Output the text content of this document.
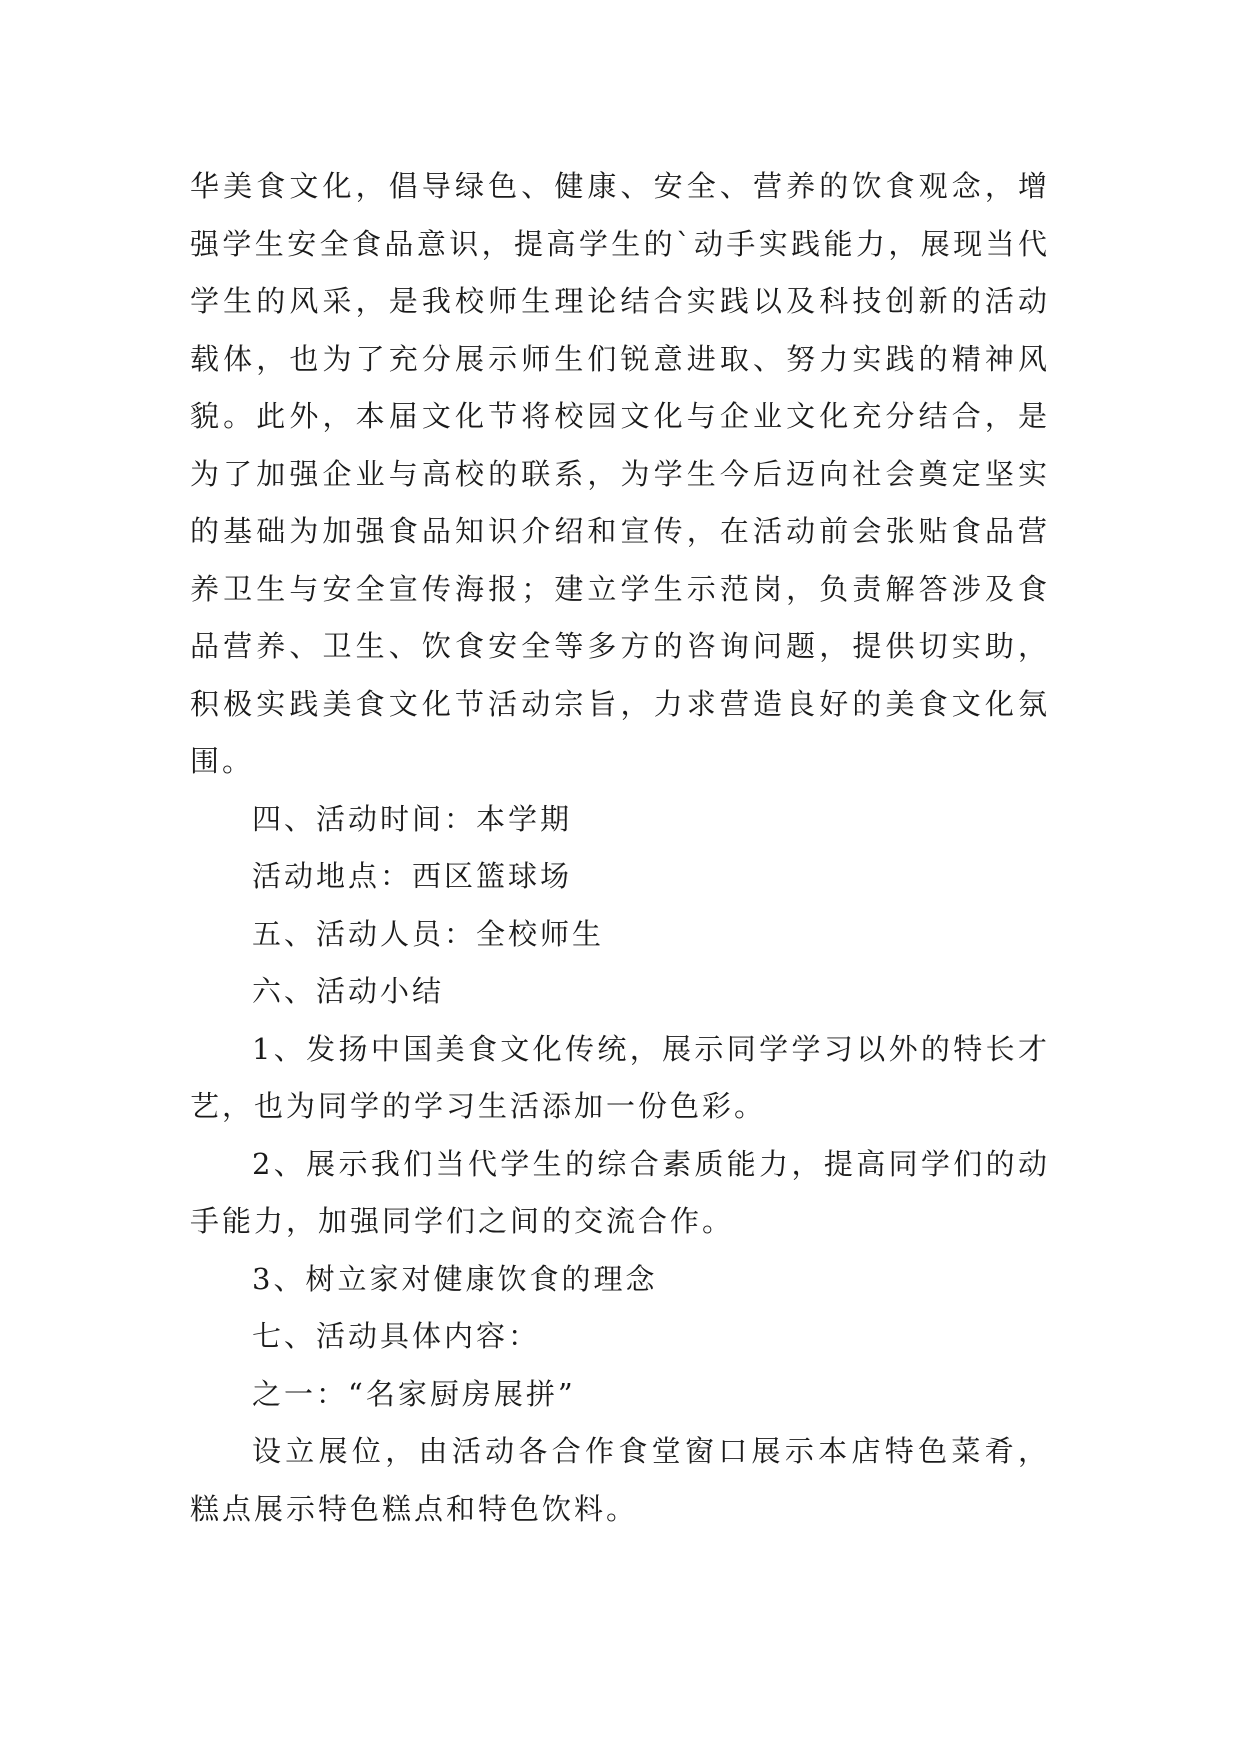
华美食文化，倡导绿色、健康、安全、营养的饮食观念，增强学生安全食品意识，提高学生的`动手实践能力，展现当代学生的风采，是我校师生理论结合实践以及科技创新的活动载体，也为了充分展示师生们锐意进取、努力实践的精神风貌。此外，本届文化节将校园文化与企业文化充分结合，是为了加强企业与高校的联系，为学生今后迈向社会奠定坚实的基础为加强食品知识介绍和宣传，在活动前会张贴食品营养卫生与安全宣传海报；建立学生示范岗，负责解答涉及食品营养、卫生、饮食安全等多方的咨询问题，提供切实助，积极实践美食文化节活动宗旨，力求营造良好的美食文化氛围。

四、活动时间：本学期

活动地点：西区篮球场

五、活动人员：全校师生

六、活动小结

1、发扬中国美食文化传统，展示同学学习以外的特长才艺，也为同学的学习生活添加一份色彩。

2、展示我们当代学生的综合素质能力，提高同学们的动手能力，加强同学们之间的交流合作。

3、树立家对健康饮食的理念

七、活动具体内容：

之一：“名家厨房展拼”

设立展位，由活动各合作食堂窗口展示本店特色菜肴，糕点展示特色糕点和特色饮料。
